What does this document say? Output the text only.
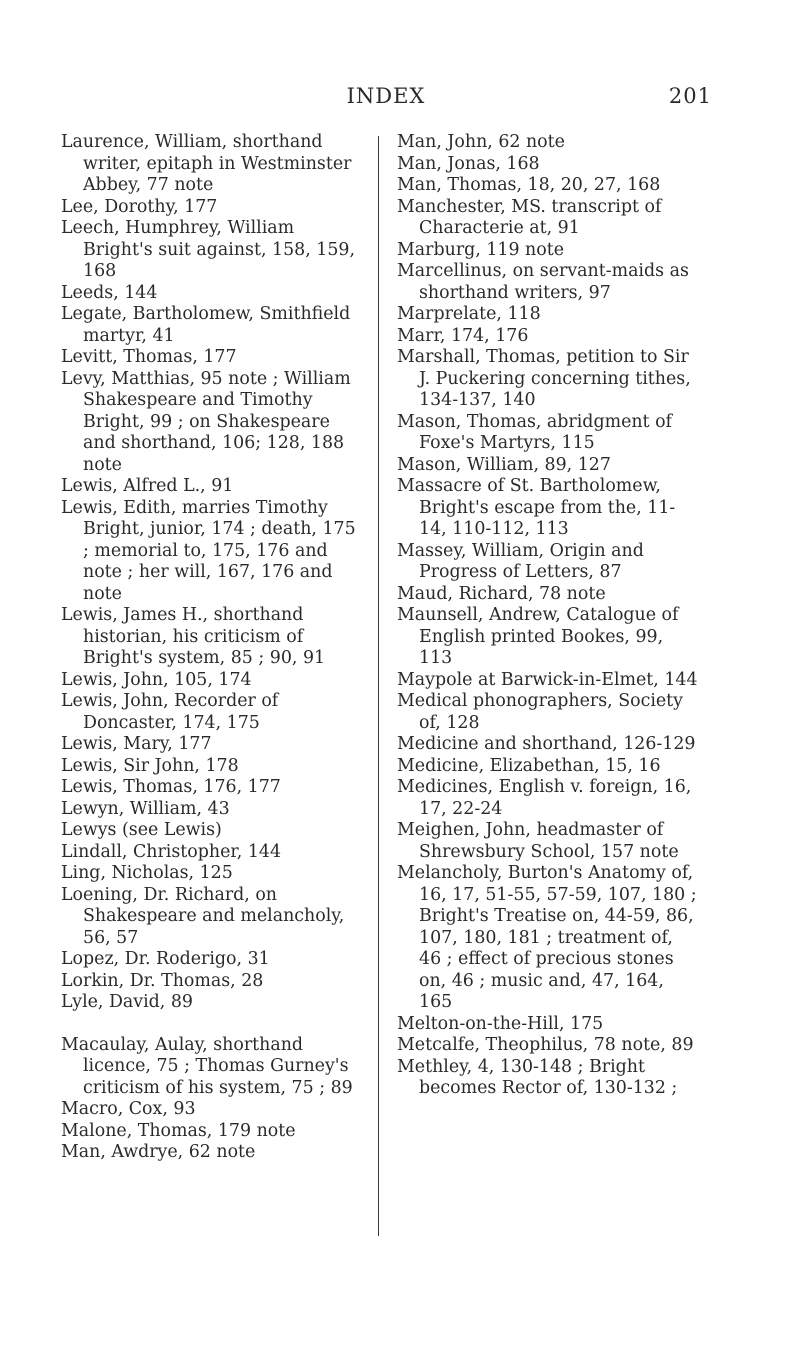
INDEX	201

Laurence, William, shorthand writer, epitaph in Westminster Abbey, 77 note

Lee, Dorothy, 177

Leech, Humphrey, William Bright's suit against, 158, 159, 168

Leeds, 144

Legate, Bartholomew, Smithfield martyr, 41

Levitt, Thomas, 177

Levy, Matthias, 95 note ; William Shakespeare and Timothy Bright, 99 ; on Shakespeare and shorthand, 106; 128, 188 note

Lewis, Alfred L., 91

Lewis, Edith, marries Timothy Bright, junior, 174 ; death, 175 ; memorial to, 175, 176 and note ; her will, 167, 176 and note

Lewis, James H., shorthand historian, his criticism of Bright's system, 85 ; 90, 91

Lewis, John, 105, 174

Lewis, John, Recorder of Doncaster, 174, 175

Lewis, Mary, 177

Lewis, Sir John, 178

Lewis, Thomas, 176, 177

Lewyn, William, 43

Lewys (see Lewis)

Lindall, Christopher, 144

Ling, Nicholas, 125

Loening, Dr. Richard, on Shakespeare and melancholy, 56, 57

Lopez, Dr. Roderigo, 31

Lorkin, Dr. Thomas, 28

Lyle, David, 89

Macaulay, Aulay, shorthand licence, 75 ; Thomas Gurney's criticism of his system, 75 ; 89

Macro, Cox, 93

Malone, Thomas, 179 note

Man, Awdrye, 62 note

Man, John, 62 note

Man, Jonas, 168

Man, Thomas, 18, 20, 27, 168

Manchester, MS. transcript of Characterie at, 91

Marburg, 119 note

Marcellinus, on servant-maids as shorthand writers, 97

Marprelate, 118

Marr, 174, 176

Marshall, Thomas, petition to Sir J. Puckering concerning tithes, 134-137, 140

Mason, Thomas, abridgment of Foxe's Martyrs, 115

Mason, William, 89, 127

Massacre of St. Bartholomew, Bright's escape from the, 11-14, 110-112, 113

Massey, William, Origin and Progress of Letters, 87

Maud, Richard, 78 note

Maunsell, Andrew, Catalogue of English printed Bookes, 99, 113

Maypole at Barwick-in-Elmet, 144

Medical phonographers, Society of, 128

Medicine and shorthand, 126-129

Medicine, Elizabethan, 15, 16

Medicines, English v. foreign, 16, 17, 22-24

Meighen, John, headmaster of Shrewsbury School, 157 note

Melancholy, Burton's Anatomy of, 16, 17, 51-55, 57-59, 107, 180 ; Bright's Treatise on, 44-59, 86, 107, 180, 181 ; treatment of, 46 ; effect of precious stones on, 46 ; music and, 47, 164, 165

Melton-on-the-Hill, 175

Metcalfe, Theophilus, 78 note, 89

Methley, 4, 130-148 ; Bright becomes Rector of, 130-132 ;
